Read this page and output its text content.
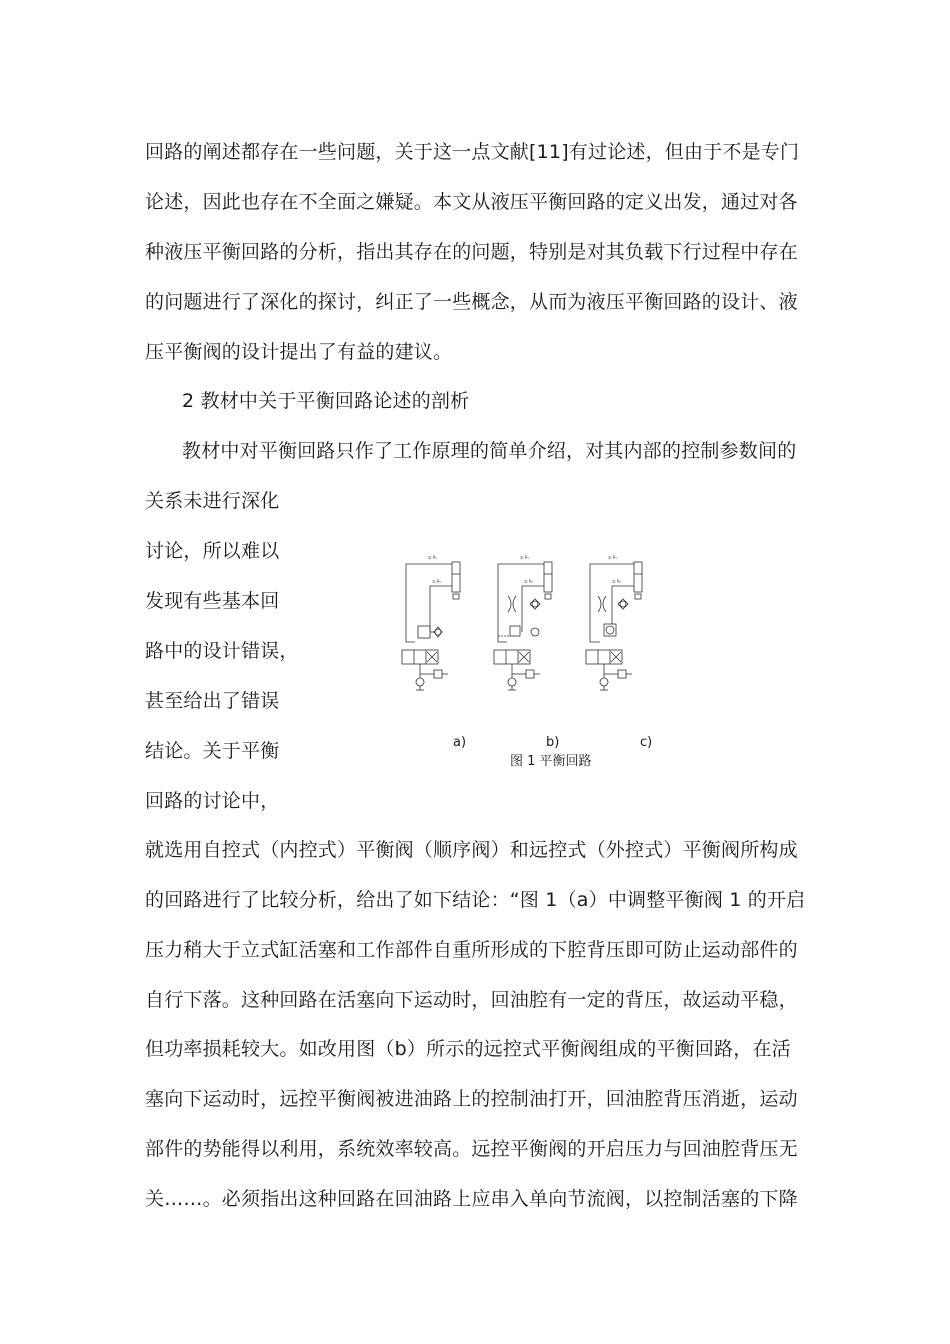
回路的阐述都存在一些问题，关于这一点文献[11]有过论述，但由于不是专门
论述，因此也存在不全面之嫌疑。本文从液压平衡回路的定义出发，通过对各
种液压平衡回路的分析，指出其存在的问题，特别是对其负载下行过程中存在
的问题进行了深化的探讨，纠正了一些概念，从而为液压平衡回路的设计、液
压平衡阀的设计提出了有益的建议。
2 教材中关于平衡回路论述的剖析
教材中对平衡回路只作了工作原理的简单介绍，对其内部的控制参数间的
关系未进行深化
讨论，所以难以
发现有些基本回
路中的设计错误，
甚至给出了错误
结论。关于平衡
回路的讨论中，
就选用自控式（内控式）平衡阀（顺序阀）和远控式（外控式）平衡阀所构成
的回路进行了比较分析，给出了如下结论：“图 1（a）中调整平衡阀 1 的开启
压力稍大于立式缸活塞和工作部件自重所形成的下腔背压即可防止运动部件的
自行下落。这种回路在活塞向下运动时，回油腔有一定的背压，故运动平稳，
但功率损耗较大。如改用图（b）所示的远控式平衡阀组成的平衡回路，在活
塞向下运动时，远控平衡阀被进油路上的控制油打开，回油腔背压消逝，运动
部件的势能得以利用，系统效率较高。远控平衡阀的开启压力与回油腔背压无
关……。必须指出这种回路在回油路上应串入单向节流阀，以控制活塞的下降
① P₁
② P₂
① P₁
② P₂
① P₁
② P₂
a)	b)	c)
图 1 平衡回路
